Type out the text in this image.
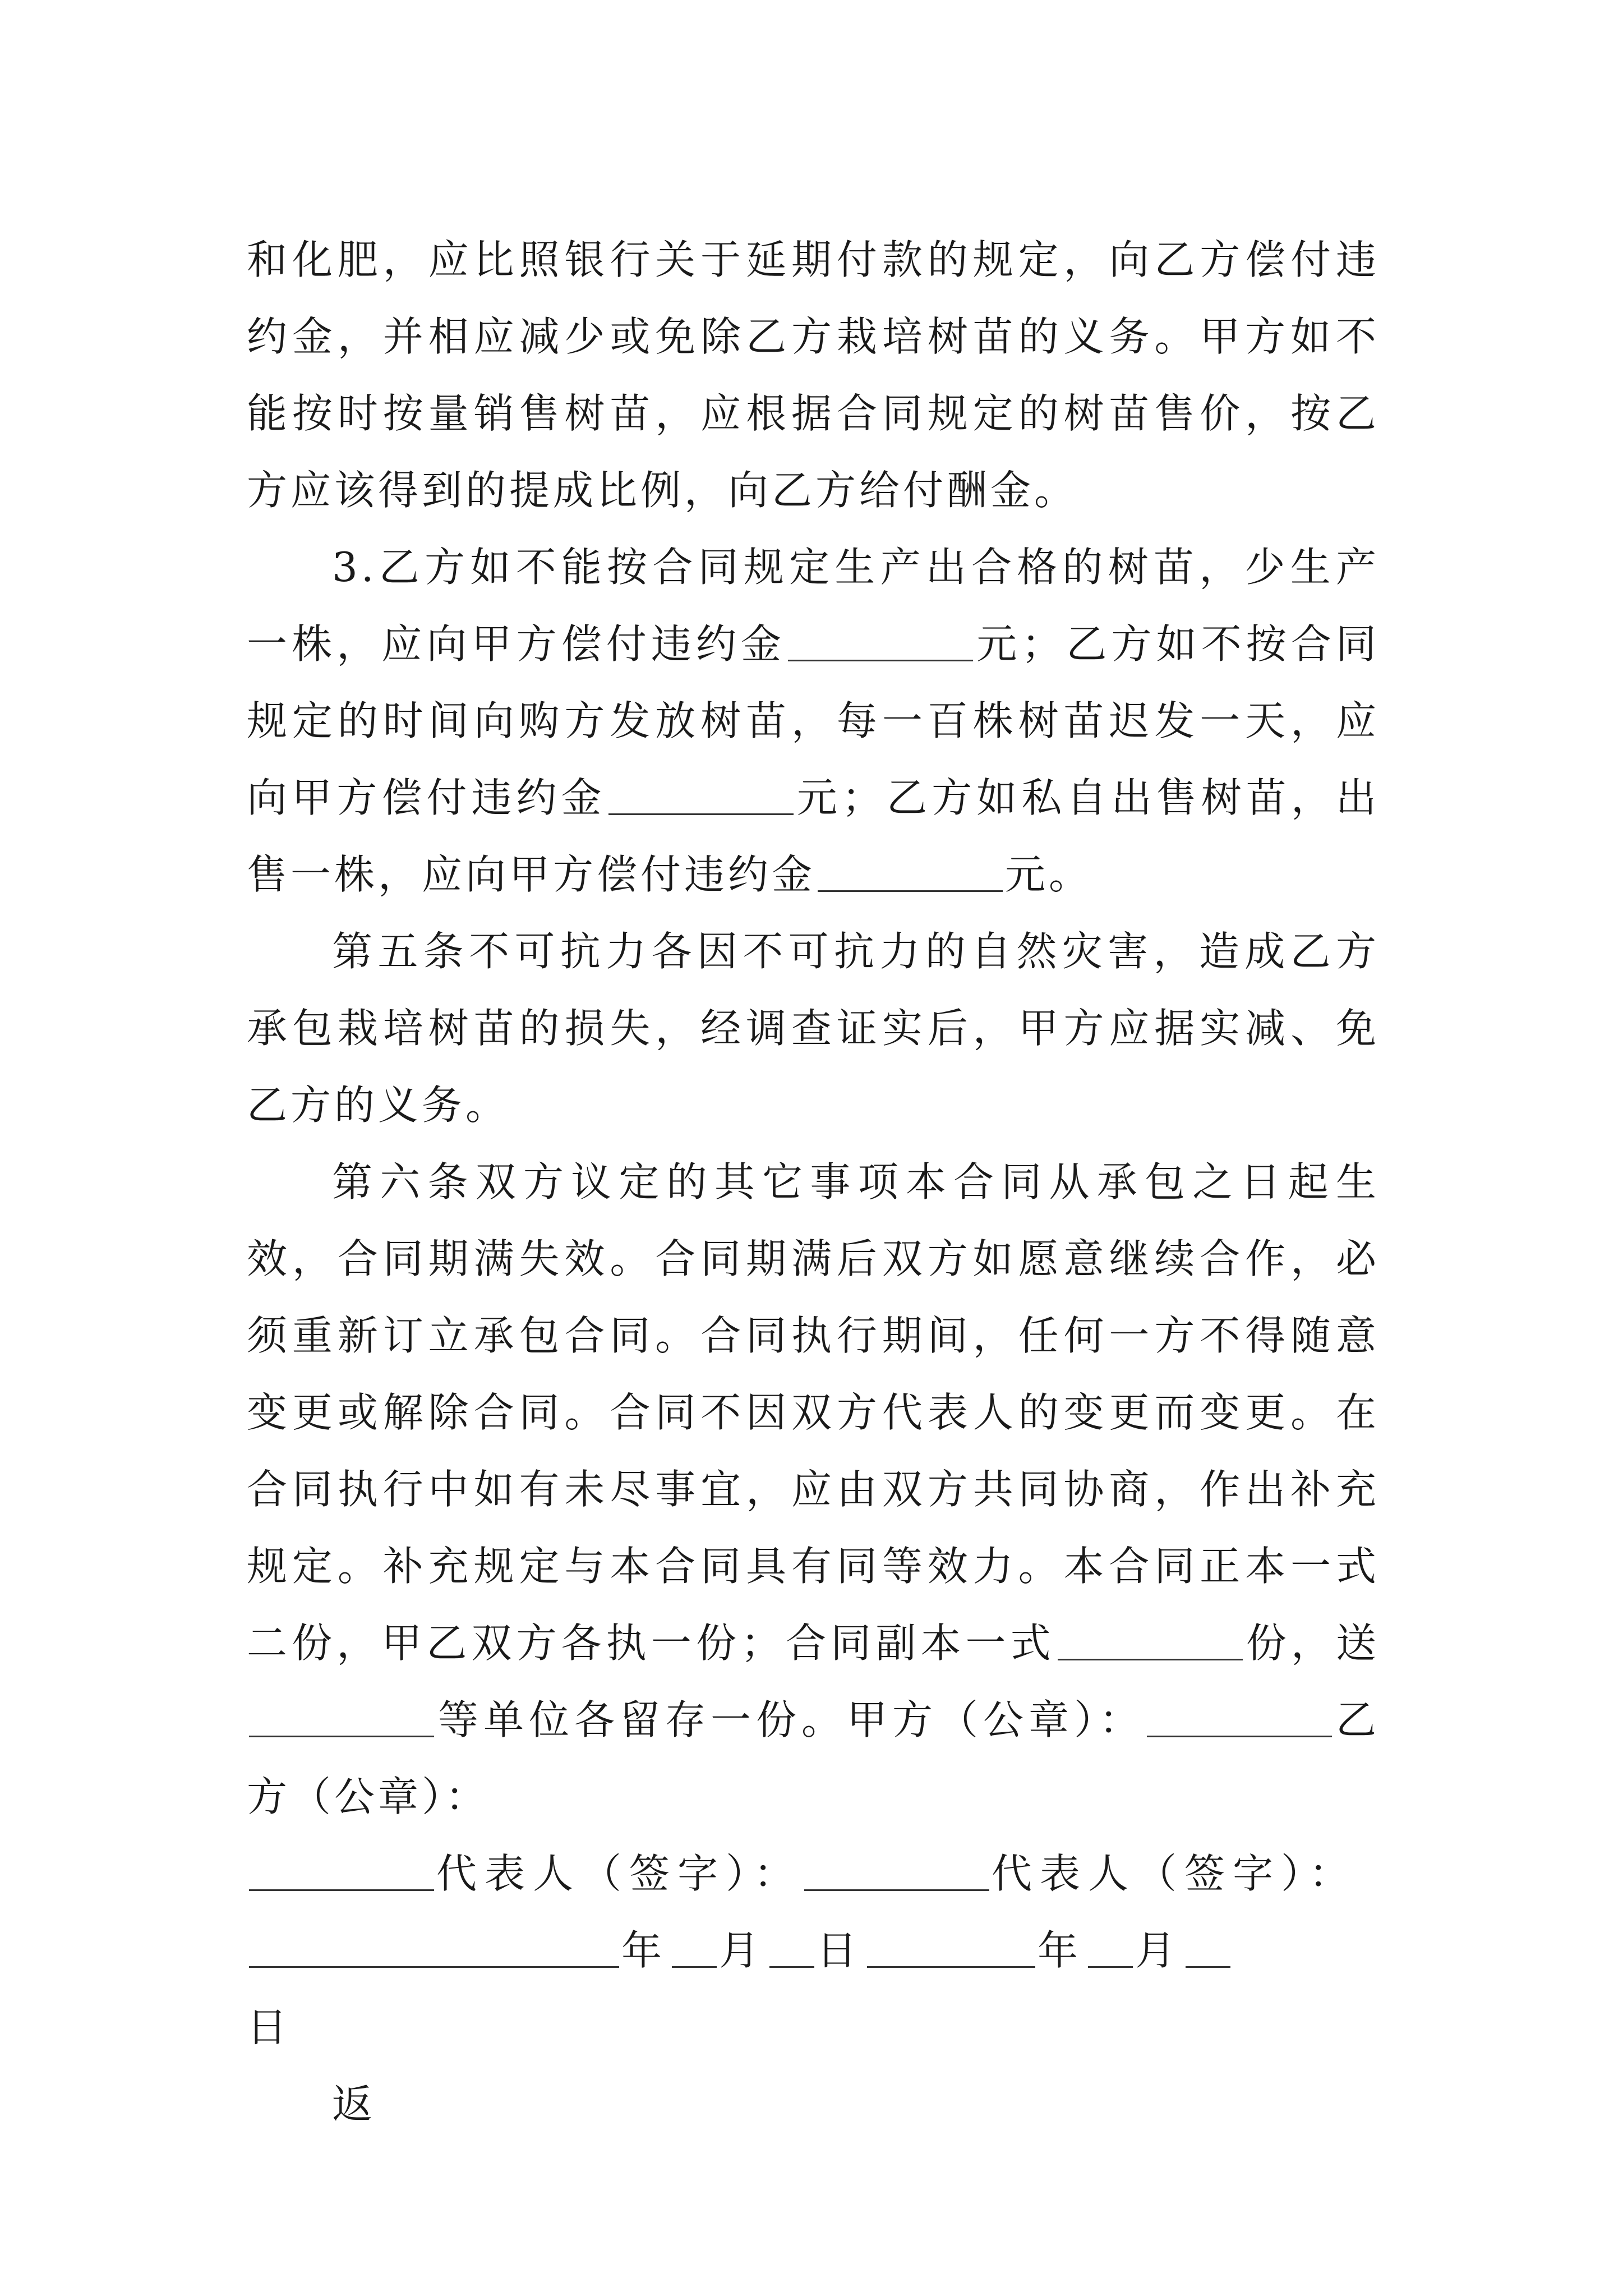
和化肥，应比照银行关于延期付款的规定，向乙方偿付违约金，并相应减少或免除乙方栽培树苗的义务。甲方如不能按时按量销售树苗，应根据合同规定的树苗售价，按乙方应该得到的提成比例，向乙方给付酬金。

3.乙方如不能按合同规定生产出合格的树苗，少生产一株，应向甲方偿付违约金	元；乙方如不按合同规定的时间向购方发放树苗，每一百株树苗迟发一天，应向甲方偿付违约金	元；乙方如私自出售树苗，出售一株，应向甲方偿付违约金	元。

第五条不可抗力各因不可抗力的自然灾害，造成乙方承包栽培树苗的损失，经调查证实后，甲方应据实减、免乙方的义务。

第六条双方议定的其它事项本合同从承包之日起生效，合同期满失效。合同期满后双方如愿意继续合作，必须重新订立承包合同。合同执行期间，任何一方不得随意变更或解除合同。合同不因双方代表人的变更而变更。在合同执行中如有未尽事宜，应由双方共同协商，作出补充规定。补充规定与本合同具有同等效力。本合同正本一式二份，甲乙双方各执一份；合同副本一式	份，送等单位各留存一份。甲方（公章）：	乙方（公章）：

代表人（签字）：	代表人（签字）：

年 月 日	年 月

日

返
